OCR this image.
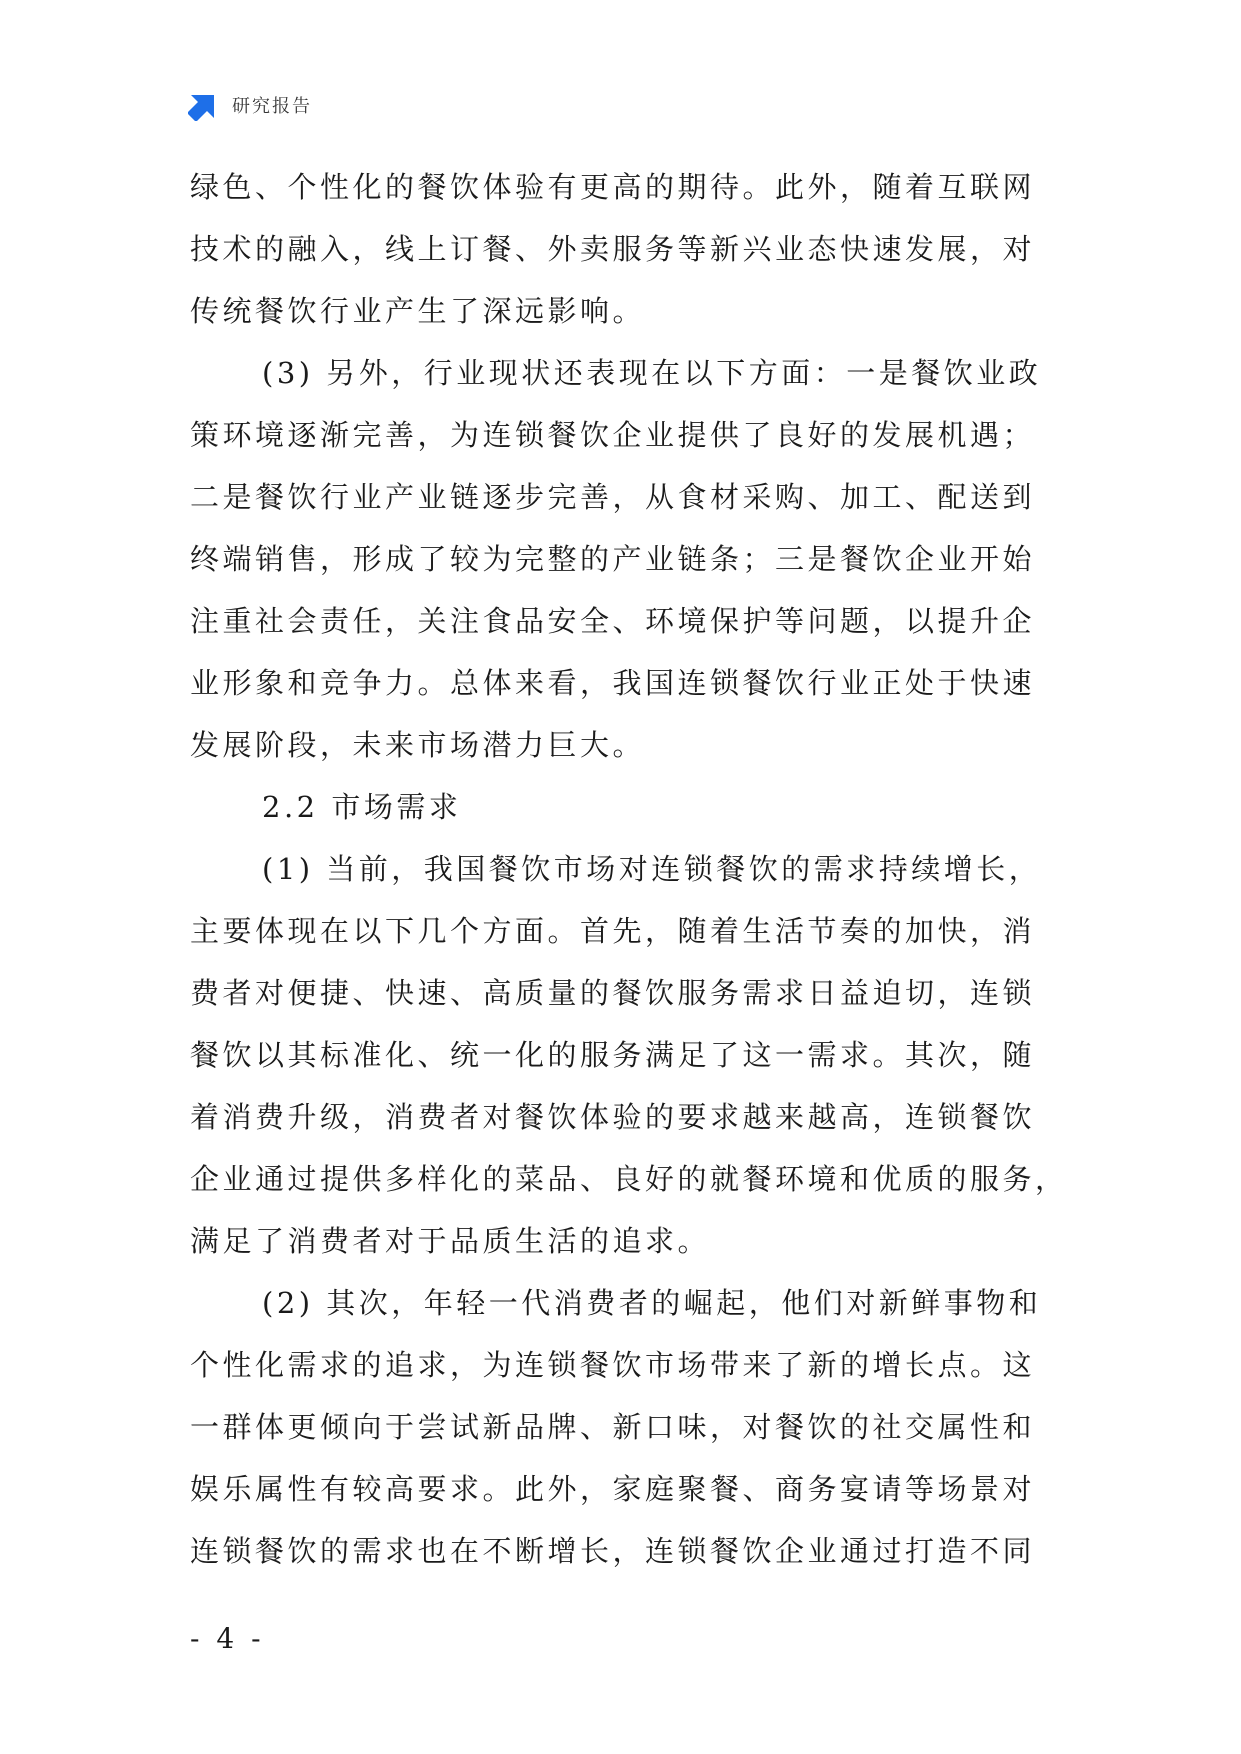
研究报告
绿色、个性化的餐饮体验有更高的期待。此外，随着互联网
技术的融入，线上订餐、外卖服务等新兴业态快速发展，对
传统餐饮行业产生了深远影响。
(3) 另外，行业现状还表现在以下方面：一是餐饮业政
策环境逐渐完善，为连锁餐饮企业提供了良好的发展机遇；
二是餐饮行业产业链逐步完善，从食材采购、加工、配送到
终端销售，形成了较为完整的产业链条；三是餐饮企业开始
注重社会责任，关注食品安全、环境保护等问题，以提升企
业形象和竞争力。总体来看，我国连锁餐饮行业正处于快速
发展阶段，未来市场潜力巨大。
2.2 市场需求
(1) 当前，我国餐饮市场对连锁餐饮的需求持续增长，
主要体现在以下几个方面。首先，随着生活节奏的加快，消
费者对便捷、快速、高质量的餐饮服务需求日益迫切，连锁
餐饮以其标准化、统一化的服务满足了这一需求。其次，随
着消费升级，消费者对餐饮体验的要求越来越高，连锁餐饮
企业通过提供多样化的菜品、良好的就餐环境和优质的服务，
满足了消费者对于品质生活的追求。
(2) 其次，年轻一代消费者的崛起，他们对新鲜事物和
个性化需求的追求，为连锁餐饮市场带来了新的增长点。这
一群体更倾向于尝试新品牌、新口味，对餐饮的社交属性和
娱乐属性有较高要求。此外，家庭聚餐、商务宴请等场景对
连锁餐饮的需求也在不断增长，连锁餐饮企业通过打造不同
- 4 -
